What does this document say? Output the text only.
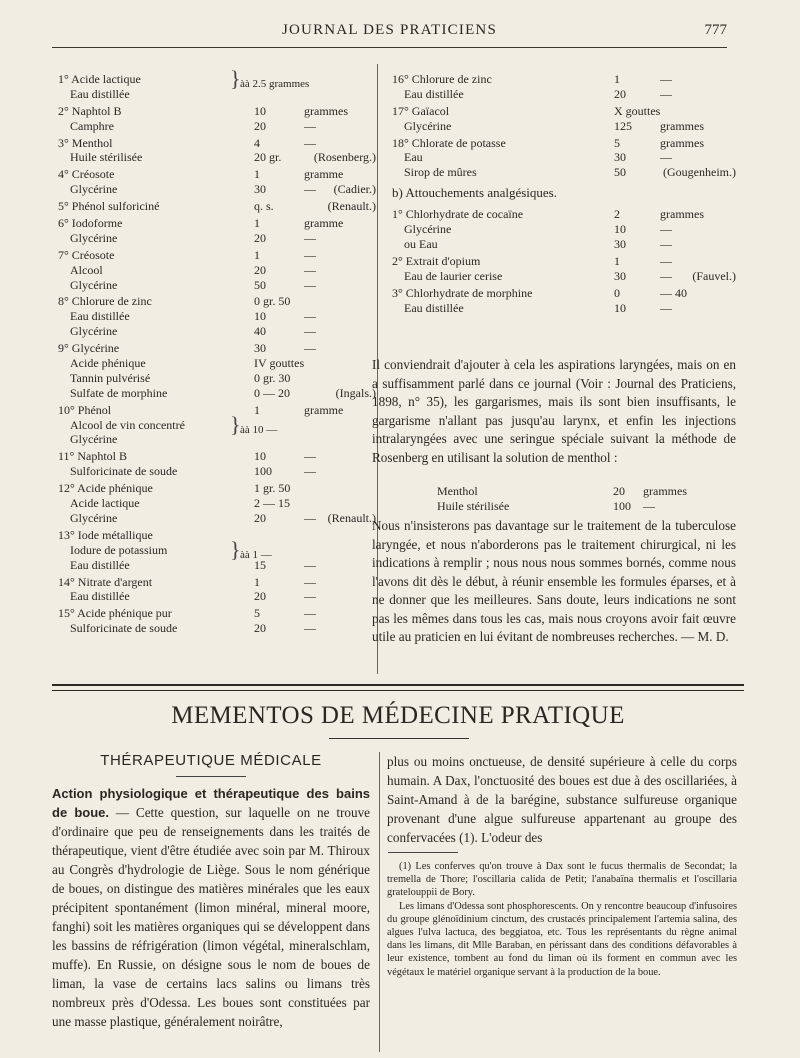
JOURNAL DES PRATICIENS	777
1° Acide lactique
Eau distillée
} àà 2.5 grammes
2° Naphtol B	10	grammes
Camphre	20	—
3° Menthol	4	—
Huile stérilisée	20 gr.	(Rosenberg.)
4° Créosote	1	gramme
Glycérine	30	— (Cadier.)
5° Phénol sulforiciné	q. s.	(Renault.)
6° Iodoforme	1	gramme
Glycérine	20	—
7° Créosote	1	—
Alcool	20	—
Glycérine	50	—
8° Chlorure de zinc	0 gr. 50
Eau distillée	10	—
Glycérine	40	—
9° Glycérine	30	—
Acide phénique	IV gouttes
Tannin pulvérisé	0 gr. 30
Sulfate de morphine	0 — 20	(Ingals.)
10° Phénol	1	gramme
Alcool de vin concentré
Glycérine
} àà 10 —
11° Naphtol B	10	—
Sulforicinate de soude	100	—
12° Acide phénique	1 gr. 50
Acide lactique	2 — 15
Glycérine	20	— (Renault.)
13° Iode métallique
Iodure de potassium
Eau distillée	15	—
} àà 1 —
14° Nitrate d'argent	1	—
Eau distillée	20	—
15° Acide phénique pur	5	—
Sulforicinate de soude	20	—
16° Chlorure de zinc	1	—
Eau distillée	20	—
17° Gaïacol	X gouttes
Glycérine	125 grammes
18° Chlorate de potasse	5	grammes
Eau	30	—
Sirop de mûres	50	(Gougenheim.)
b) Attouchements analgésiques.
1° Chlorhydrate de cocaïne	2	grammes
Glycérine	10	—
ou Eau	30	—
2° Extrait d'opium	1	—
Eau de laurier cerise	30	— (Fauvel.)
3° Chlorhydrate de morphine	0	— 40
Eau distillée	10	—
Il conviendrait d'ajouter à cela les aspirations laryngées, mais on en a suffisamment parlé dans ce journal (Voir : Journal des Praticiens, 1898, n° 35), les gargarismes, mais ils sont bien insuffisants, le gargarisme n'allant pas jusqu'au larynx, et enfin les injections intralaryngées avec une seringue spéciale suivant la méthode de Rosenberg en utilisant la solution de menthol :
Menthol	20 grammes
Huile stérilisée	100 —
Nous n'insisterons pas davantage sur le traitement de la tuberculose laryngée, et nous n'aborderons pas le traitement chirurgical, ni les indications à remplir ; nous nous nous sommes bornés, comme nous l'avons dit dès le début, à réunir ensemble les formules éparses, et à ne donner que les meilleures. Sans doute, leurs indications ne sont pas les mêmes dans tous les cas, mais nous croyons avoir fait œuvre utile au praticien en lui évitant de nombreuses recherches. — M. D.
MEMENTOS DE MÉDECINE PRATIQUE
THÉRAPEUTIQUE MÉDICALE
Action physiologique et thérapeutique des bains de boue. — Cette question, sur laquelle on ne trouve d'ordinaire que peu de renseignements dans les traités de thérapeutique, vient d'être étudiée avec soin par M. Thiroux au Congrès d'hydrologie de Liège. Sous le nom générique de boues, on distingue des matières minérales que les eaux précipitent spontanément (limon minéral, mineral moore, fanghi) soit les matières organiques qui se développent dans les bassins de réfrigération (limon végétal, mineralschlam, muffe). En Russie, on désigne sous le nom de boues de liman, la vase de certains lacs salins ou limans très nombreux près d'Odessa. Les boues sont constituées par une masse plastique, généralement noirâtre,
plus ou moins onctueuse, de densité supérieure à celle du corps humain. A Dax, l'onctuosité des boues est due à des oscillariées, à Saint-Amand à de la barégine, substance sulfureuse organique provenant d'une algue sulfureuse appartenant au groupe des confervacées (1). L'odeur des

(1) Les conferves qu'on trouve à Dax sont le fucus thermalis de Secondat; la tremella de Thore; l'oscillaria calida de Petit; l'anabaïna thermalis et l'oscillaria gratelouppii de Bory.

Les limans d'Odessa sont phosphorescents. On y rencontre beaucoup d'infusoires du groupe glénoïdinium cinctum, des crustacés principalement l'artemia salina, des algues l'ulva lactuca, des beggiatoa, etc. Tous les représentants du règne animal dans les limans, dit Mlle Baraban, en périssant dans des conditions défavorables à leur existence, tombent au fond du liman où ils forment en commun avec les végétaux le matériel organique servant à la production de la boue.
